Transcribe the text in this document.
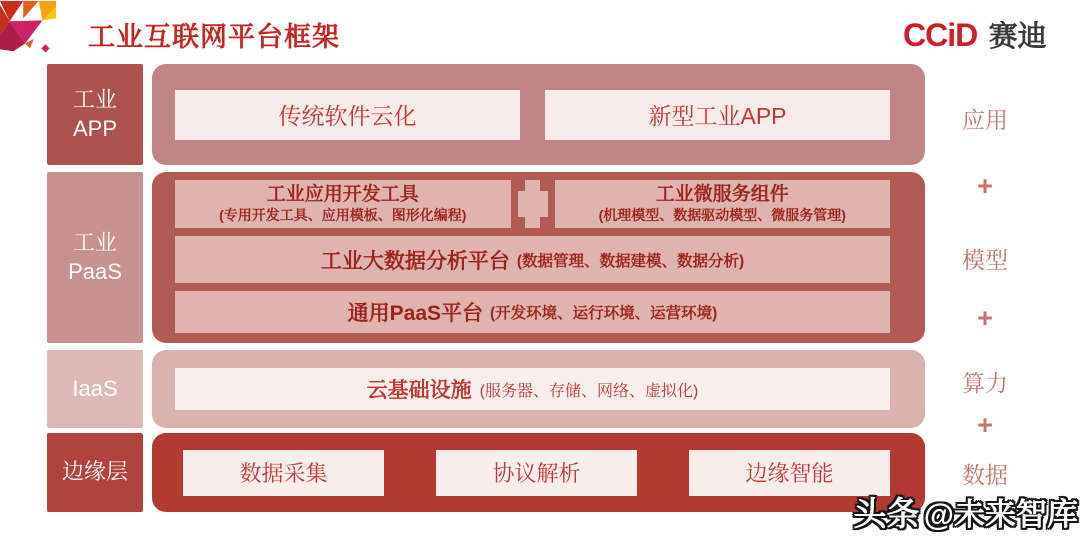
工业互联网平台框架	CCiD 赛迪
工业
APP
工业
PaaS
IaaS
边缘层
传统软件云化	新型工业APP
工业应用开发工具
(专用开发工具、应用模板、图形化编程)
工业微服务组件
(机理模型、数据驱动模型、微服务管理)
工业大数据分析平台 (数据管理、数据建模、数据分析)
通用PaaS平台 (开发环境、运行环境、运营环境)
云基础设施 (服务器、存储、网络、虚拟化)
数据采集	协议解析	边缘智能
应用
+
模型
+
算力
+
数据
头条 @未来智库
